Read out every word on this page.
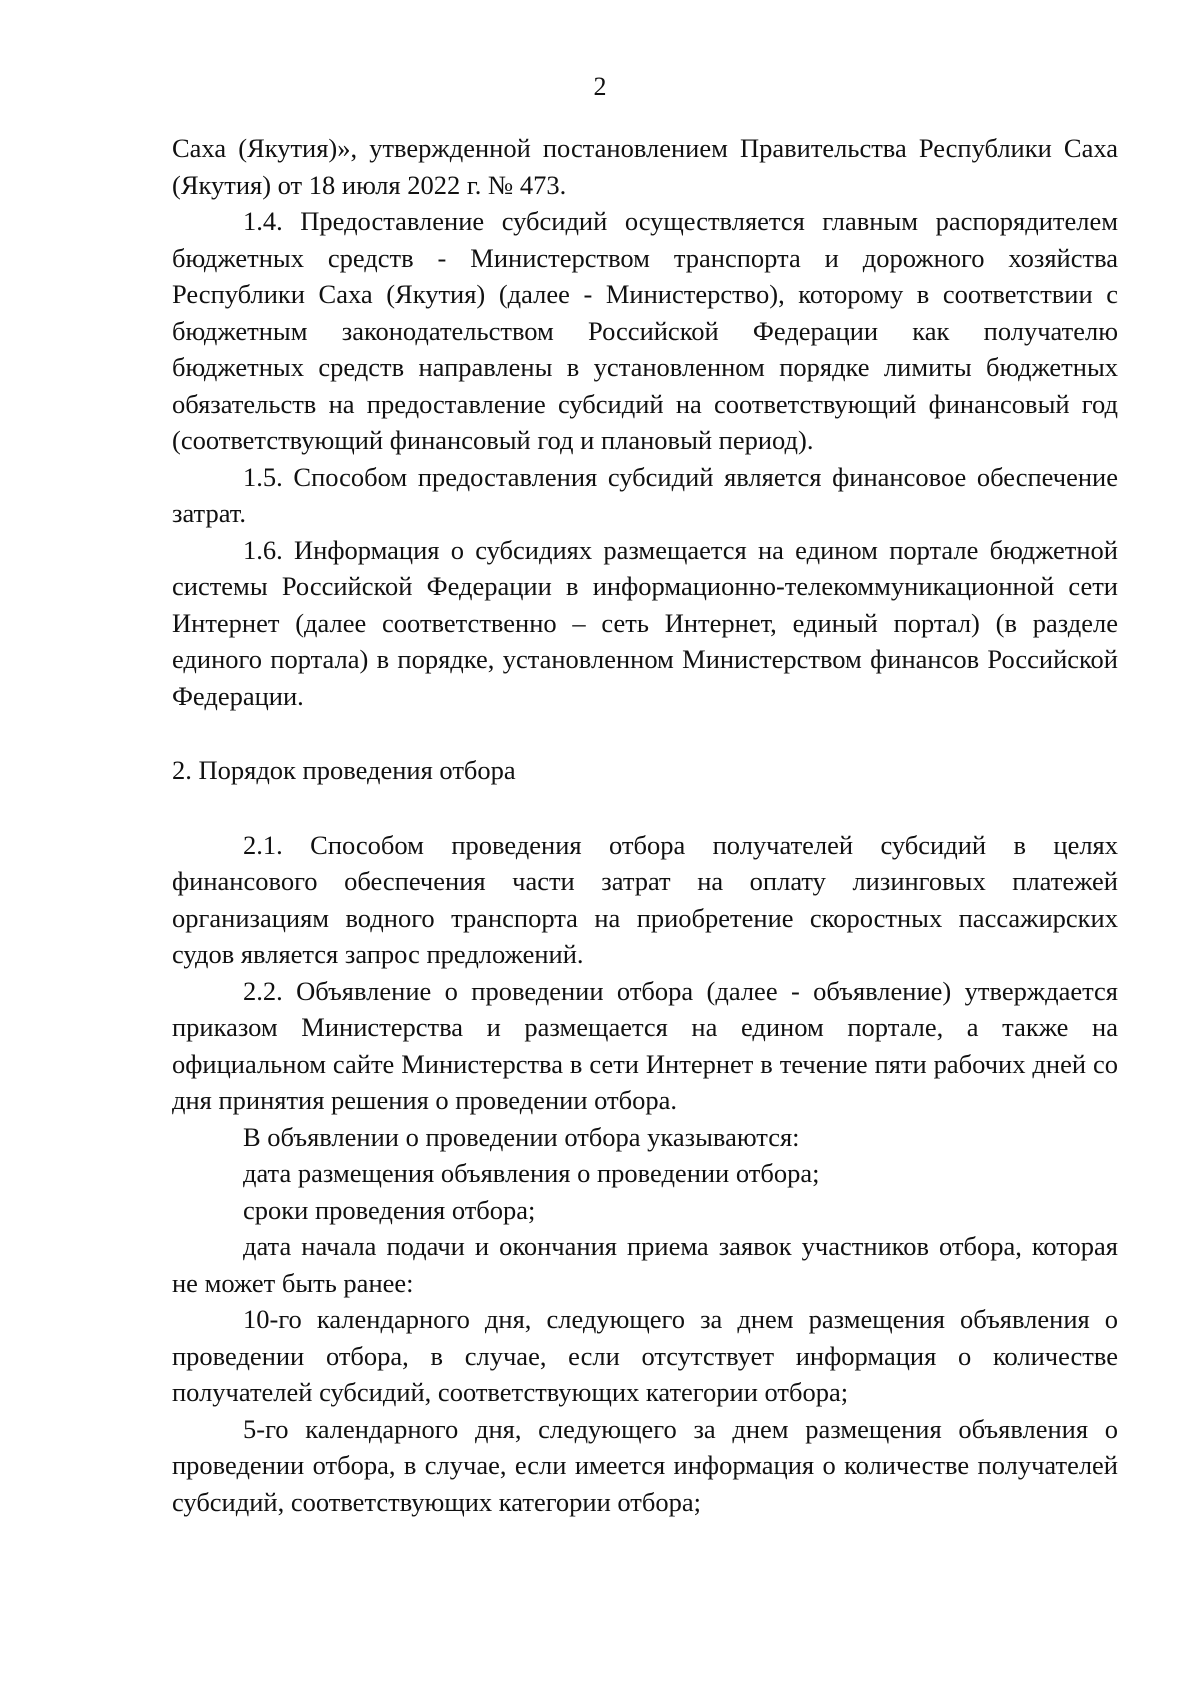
2

Саха (Якутия)», утвержденной постановлением Правительства Республики Саха (Якутия) от 18 июля 2022 г. № 473.

1.4. Предоставление субсидий осуществляется главным распорядителем бюджетных средств - Министерством транспорта и дорожного хозяйства Республики Саха (Якутия) (далее - Министерство), которому в соответствии с бюджетным законодательством Российской Федерации как получателю бюджетных средств направлены в установленном порядке лимиты бюджетных обязательств на предоставление субсидий на соответствующий финансовый год (соответствующий финансовый год и плановый период).

1.5. Способом предоставления субсидий является финансовое обеспечение затрат.

1.6. Информация о субсидиях размещается на едином портале бюджетной системы Российской Федерации в информационно-телекоммуникационной сети Интернет (далее соответственно – сеть Интернет, единый портал) (в разделе единого портала) в порядке, установленном Министерством финансов Российской Федерации.

2. Порядок проведения отбора

2.1. Способом проведения отбора получателей субсидий в целях финансового обеспечения части затрат на оплату лизинговых платежей организациям водного транспорта на приобретение скоростных пассажирских судов является запрос предложений.

2.2. Объявление о проведении отбора (далее - объявление) утверждается приказом Министерства и размещается на едином портале, а также на официальном сайте Министерства в сети Интернет в течение пяти рабочих дней со дня принятия решения о проведении отбора.

В объявлении о проведении отбора указываются:

дата размещения объявления о проведении отбора;

сроки проведения отбора;

дата начала подачи и окончания приема заявок участников отбора, которая не может быть ранее:

10-го календарного дня, следующего за днем размещения объявления о проведении отбора, в случае, если отсутствует информация о количестве получателей субсидий, соответствующих категории отбора;

5-го календарного дня, следующего за днем размещения объявления о проведении отбора, в случае, если имеется информация о количестве получателей субсидий, соответствующих категории отбора;
